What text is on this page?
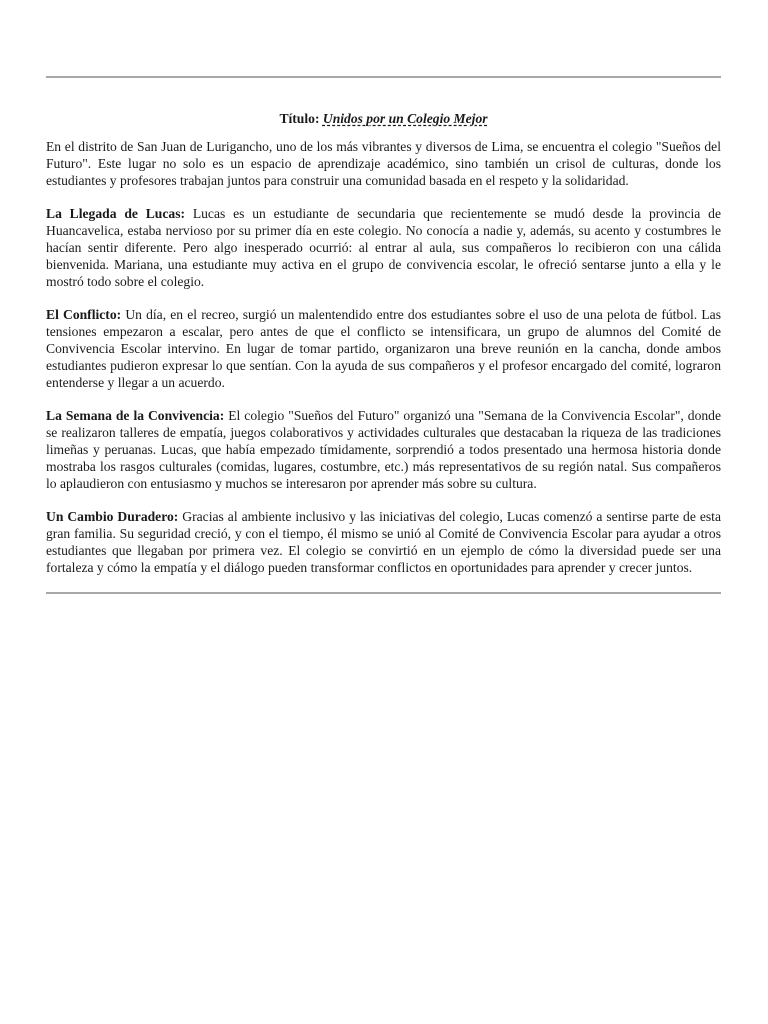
Título: Unidos por un Colegio Mejor

En el distrito de San Juan de Lurigancho, uno de los más vibrantes y diversos de Lima, se encuentra el colegio "Sueños del Futuro". Este lugar no solo es un espacio de aprendizaje académico, sino también un crisol de culturas, donde los estudiantes y profesores trabajan juntos para construir una comunidad basada en el respeto y la solidaridad.

La Llegada de Lucas: Lucas es un estudiante de secundaria que recientemente se mudó desde la provincia de Huancavelica, estaba nervioso por su primer día en este colegio. No conocía a nadie y, además, su acento y costumbres le hacían sentir diferente. Pero algo inesperado ocurrió: al entrar al aula, sus compañeros lo recibieron con una cálida bienvenida. Mariana, una estudiante muy activa en el grupo de convivencia escolar, le ofreció sentarse junto a ella y le mostró todo sobre el colegio.

El Conflicto: Un día, en el recreo, surgió un malentendido entre dos estudiantes sobre el uso de una pelota de fútbol. Las tensiones empezaron a escalar, pero antes de que el conflicto se intensificara, un grupo de alumnos del Comité de Convivencia Escolar intervino. En lugar de tomar partido, organizaron una breve reunión en la cancha, donde ambos estudiantes pudieron expresar lo que sentían. Con la ayuda de sus compañeros y el profesor encargado del comité, lograron entenderse y llegar a un acuerdo.

La Semana de la Convivencia: El colegio "Sueños del Futuro" organizó una "Semana de la Convivencia Escolar", donde se realizaron talleres de empatía, juegos colaborativos y actividades culturales que destacaban la riqueza de las tradiciones limeñas y peruanas. Lucas, que había empezado tímidamente, sorprendió a todos presentado una hermosa historia donde mostraba los rasgos culturales (comidas, lugares, costumbre, etc.) más representativos de su región natal. Sus compañeros lo aplaudieron con entusiasmo y muchos se interesaron por aprender más sobre su cultura.

Un Cambio Duradero: Gracias al ambiente inclusivo y las iniciativas del colegio, Lucas comenzó a sentirse parte de esta gran familia. Su seguridad creció, y con el tiempo, él mismo se unió al Comité de Convivencia Escolar para ayudar a otros estudiantes que llegaban por primera vez. El colegio se convirtió en un ejemplo de cómo la diversidad puede ser una fortaleza y cómo la empatía y el diálogo pueden transformar conflictos en oportunidades para aprender y crecer juntos.
